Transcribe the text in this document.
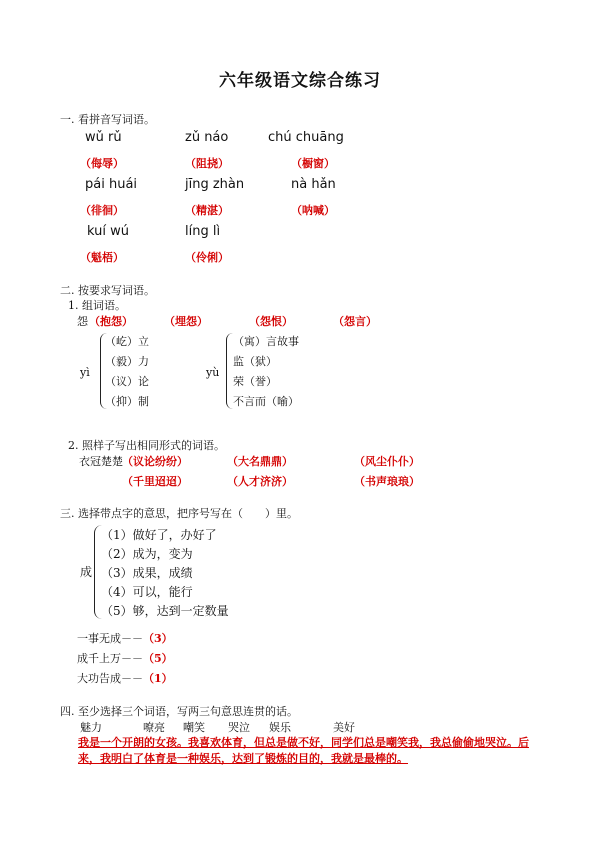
六年级语文综合练习
一. 看拼音写词语。
wǔ rǔ	zǔ náo	chú chuāng
（侮辱）	（阻挠）	（橱窗）
pái huái	jīng zhàn	nà hǎn
（徘徊）	（精湛）	（呐喊）
kuí wú	líng lì
（魁梧）	（伶俐）
二. 按要求写词语。
1. 组词语。
怨 （抱怨）	（埋怨）	（怨恨）	（怨言）
yì
（屹）立
（毅）力
（议）论
（抑）制
yù
（寓）言故事
监（狱）
荣（誉）
不言而（喻）
2. 照样子写出相同形式的词语。
衣冠楚楚 （议论纷纷）	（大名鼎鼎）	（风尘仆仆）
（千里迢迢）	（人才济济）	（书声琅琅）
三. 选择带点字的意思，把序号写在（　　）里。
成
（1）做好了，办好了
（2）成为，变为
（3）成果，成绩
（4）可以，能行
（5）够，达到一定数量
一事无成－－（3）
成千上万－－（5）
大功告成－－（1）
四. 至少选择三个词语，写两三句意思连贯的话。
魅力	嘹亮 嘲笑 哭泣 娱乐	美好
我是一个开朗的女孩。我喜欢体育，但总是做不好，同学们总是嘲笑我，我总偷偷地哭泣。后来，我明白了体育是一种娱乐，达到了锻炼的目的，我就是最棒的。
